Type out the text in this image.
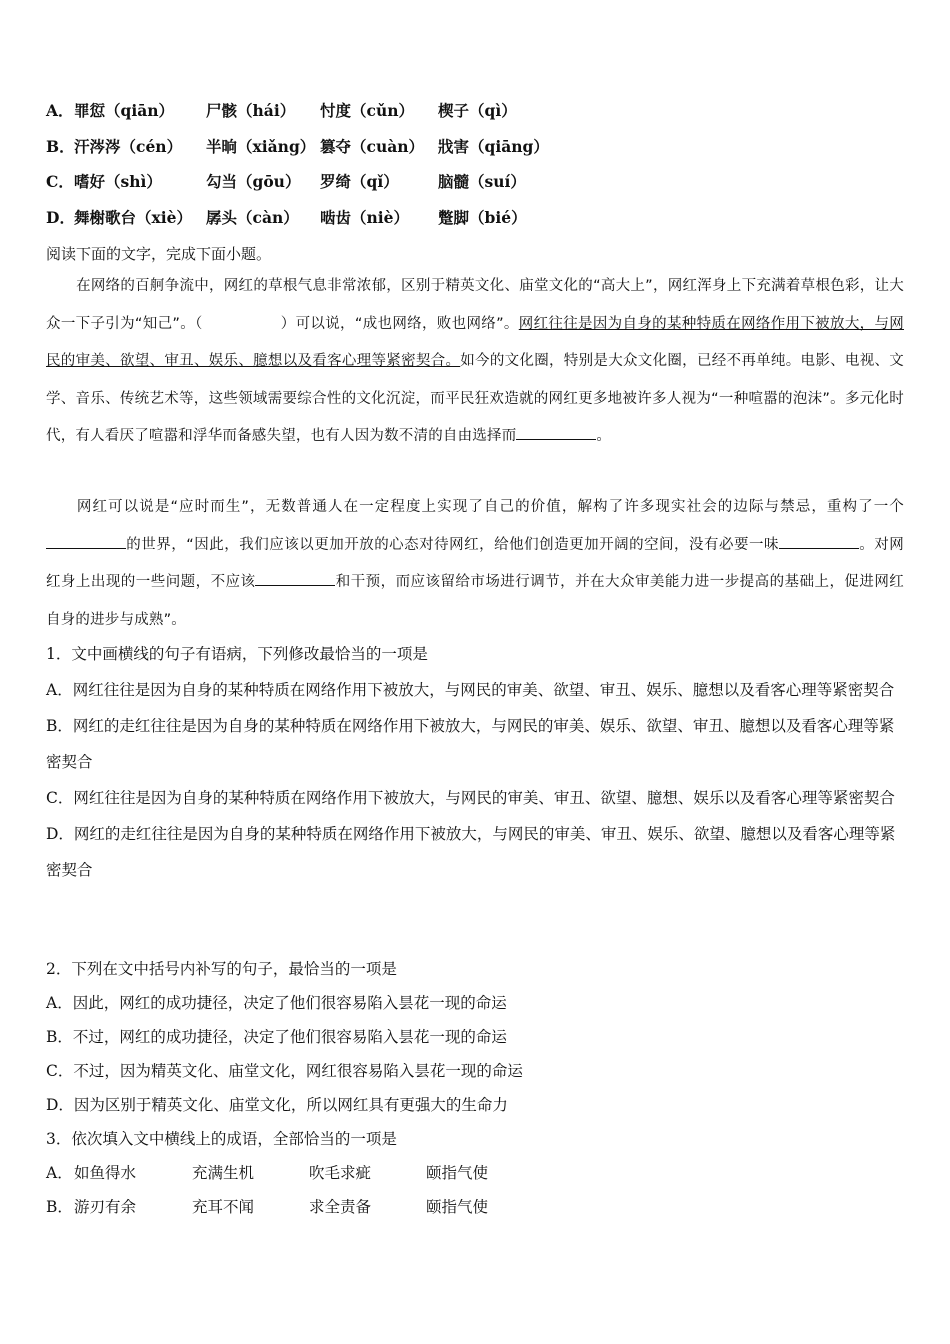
A． 罪愆（qiān） 尸骸（hái） 忖度（cǔn） 楔子（qì）
B． 汗涔涔（cén） 半晌（xiǎng） 篡夺（cuàn） 戕害（qiāng）
C． 嗜好（shì）	勾当（gōu） 罗绮（qǐ）	脑髓（suí）
D． 舞榭歌台（xiè） 孱头（càn） 啮齿（niè） 蹩脚（bié）
阅读下面的文字，完成下面小题。
在网络的百舸争流中，网红的草根气息非常浓郁，区别于精英文化、庙堂文化的“高大上”，网红浑身上下充满着草根色彩，让大众一下子引为“知己”。（	）可以说，“成也网络，败也网络”。网红往往是因为自身的某种特质在网络作用下被放大，与网民的审美、欲望、审丑、娱乐、臆想以及看客心理等紧密契合。如今的文化圈，特别是大众文化圈，已经不再单纯。电影、电视、文学、音乐、传统艺术等，这些领域需要综合性的文化沉淀，而平民狂欢造就的网红更多地被许多人视为“一种喧嚣的泡沫”。多元化时代，有人看厌了喧嚣和浮华而备感失望，也有人因为数不清的自由选择而	。
网红可以说是“应时而生”，无数普通人在一定程度上实现了自己的价值，解构了许多现实社会的边际与禁忌，重构了一个的世界，“因此，我们应该以更加开放的心态对待网红，给他们创造更加开阔的空间，没有必要一味	。对网红身上出现的一些问题，不应该	和干预，而应该留给市场进行调节，并在大众审美能力进一步提高的基础上，促进网红自身的进步与成熟”。
1．文中画横线的句子有语病，下列修改最恰当的一项是
A．网红往往是因为自身的某种特质在网络作用下被放大，与网民的审美、欲望、审丑、娱乐、臆想以及看客心理等紧密契合
B．网红的走红往往是因为自身的某种特质在网络作用下被放大，与网民的审美、娱乐、欲望、审丑、臆想以及看客心理等紧密契合
C．网红往往是因为自身的某种特质在网络作用下被放大，与网民的审美、审丑、欲望、臆想、娱乐以及看客心理等紧密契合
D．网红的走红往往是因为自身的某种特质在网络作用下被放大，与网民的审美、审丑、娱乐、欲望、臆想以及看客心理等紧密契合
2．下列在文中括号内补写的句子，最恰当的一项是
A．因此，网红的成功捷径，决定了他们很容易陷入昙花一现的命运
B．不过，网红的成功捷径，决定了他们很容易陷入昙花一现的命运
C．不过，因为精英文化、庙堂文化，网红很容易陷入昙花一现的命运
D．因为区别于精英文化、庙堂文化，所以网红具有更强大的生命力
3．依次填入文中横线上的成语，全部恰当的一项是
A． 如鱼得水	充满生机	吹毛求疵	颐指气使
B． 游刃有余	充耳不闻	求全责备	颐指气使
